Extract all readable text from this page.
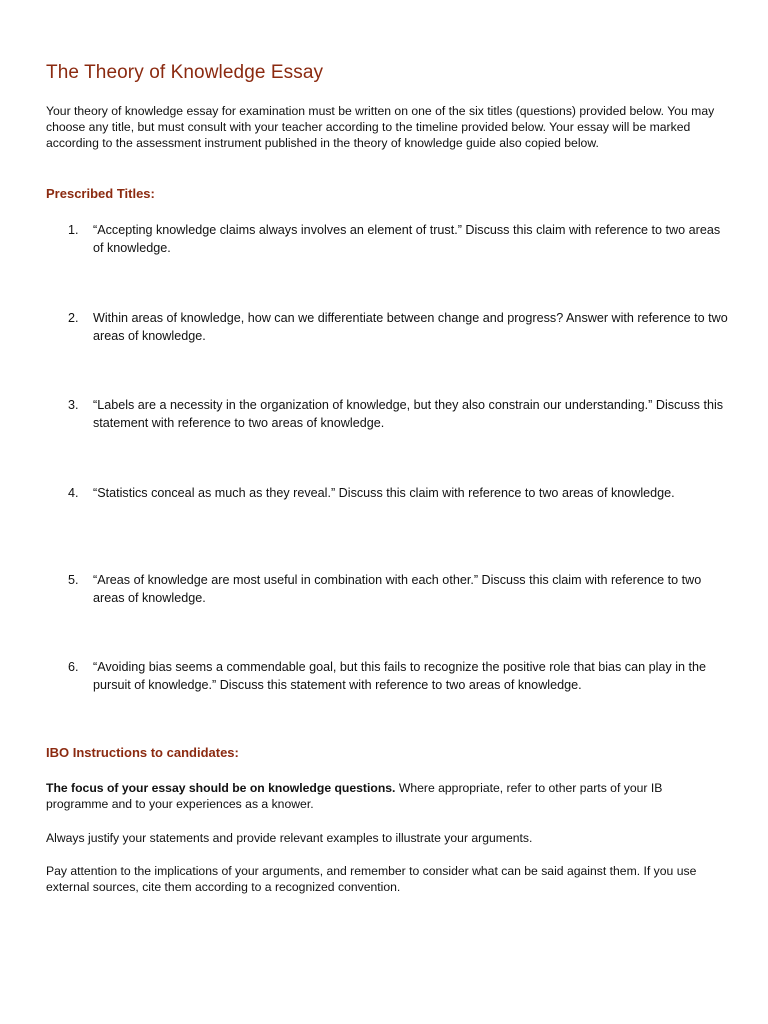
The Theory of Knowledge Essay

Your theory of knowledge essay for examination must be written on one of the six titles (questions) provided below. You may choose any title, but must consult with your teacher according to the timeline provided below. Your essay will be marked according to the assessment instrument published in the theory of knowledge guide also copied below.

Prescribed Titles:
1.	“Accepting knowledge claims always involves an element of trust.” Discuss this claim with reference to two areas of knowledge.
2.	Within areas of knowledge, how can we differentiate between change and progress? Answer with reference to two areas of knowledge.
3.	“Labels are a necessity in the organization of knowledge, but they also constrain our understanding.” Discuss this statement with reference to two areas of knowledge.
4.	“Statistics conceal as much as they reveal.” Discuss this claim with reference to two areas of knowledge.
5.	“Areas of knowledge are most useful in combination with each other.” Discuss this claim with reference to two areas of knowledge.
6.	“Avoiding bias seems a commendable goal, but this fails to recognize the positive role that bias can play in the pursuit of knowledge.” Discuss this statement with reference to two areas of knowledge.
IBO Instructions to candidates:

The focus of your essay should be on knowledge questions. Where appropriate, refer to other parts of your IB programme and to your experiences as a knower.

Always justify your statements and provide relevant examples to illustrate your arguments.

Pay attention to the implications of your arguments, and remember to consider what can be said against them. If you use external sources, cite them according to a recognized convention.
